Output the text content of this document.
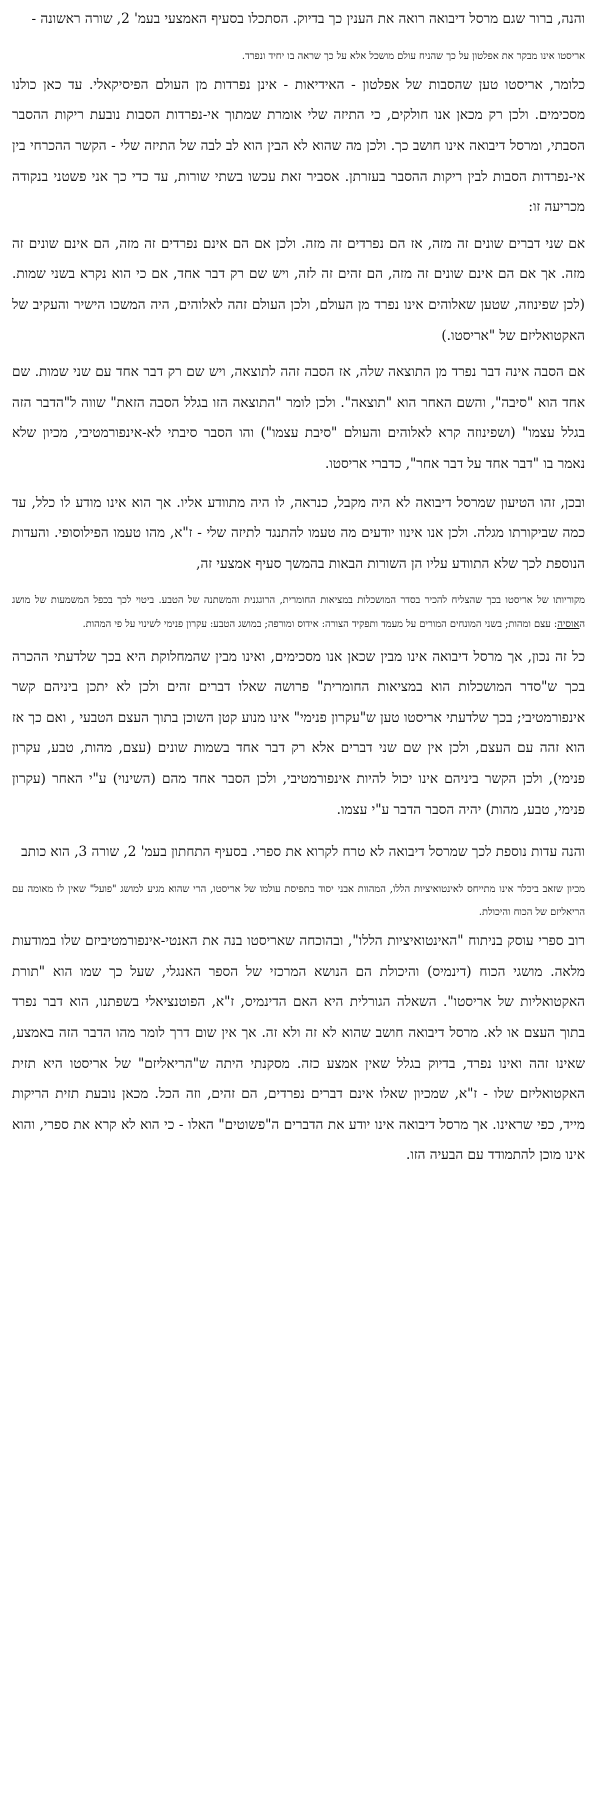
והנה, ברור שגם מרסל דיבואה רואה את הענין כך בדיוק. הסתכלו בסעיף האמצעי בעמ' 2, שורה ראשונה -

אריסטו אינו מבקר את אפלטון על כך שהניח עולם מושכל אלא על כך שראה בו יחיד ונפרד.

כלומר, אריסטו טען שהסבות של אפלטון - האידיאות - אינן נפרדות מן העולם הפיסיקאלי. עד כאן כולנו מסכימים. ולכן רק מכאן אנו חולקים, כי התיזה שלי אומרת שמתוך אי-נפרדות הסבות נובעת ריקות ההסבר הסבתי, ומרסל דיבואה אינו חושב כך. ולכן מה שהוא לא הבין הוא לב לבה של התיזה שלי - הקשר ההכרחי בין אי-נפרדות הסבות לבין ריקות ההסבר בעזרתן. אסביר זאת עכשו בשתי שורות, עד כדי כך אני פשטני בנקודה מכריעה זו:

אם שני דברים שונים זה מזה, אז הם נפרדים זה מזה. ולכן אם הם אינם נפרדים זה מזה, הם אינם שונים זה מזה. אך אם הם אינם שונים זה מזה, הם זהים זה לזה, ויש שם רק דבר אחד, אם כי הוא נקרא בשני שמות. (לכן שפינוזה, שטען שאלוהים אינו נפרד מן העולם, ולכן העולם זהה לאלוהים, היה המשכו הישיר והעקיב של האקטואליזם של "אריסטו.)

אם הסבה אינה דבר נפרד מן התוצאה שלה, אז הסבה זהה לתוצאה, ויש שם רק דבר אחד עם שני שמות. שם אחד הוא "סיבה", והשם האחר הוא "תוצאה". ולכן לומר "התוצאה הזו בגלל הסבה הזאת" שווה ל"הדבר הזה בגלל עצמו" (ושפינוזה קרא לאלוהים והעולם "סיבת עצמו") והו הסבר סיבתי לא-אינפורמטיבי, מכיון שלא נאמר בו "דבר אחד על דבר אחר", כדברי אריסטו.

ובכן, זהו הטיעון שמרסל דיבואה לא היה מקבל, כנראה, לו היה מתוודע אליו. אך הוא אינו מודע לו כלל, עד כמה שביקורתו מגלה. ולכן אנו אינוו יודעים מה טעמו להתנגד לתיזה שלי - ז"א, מהו טעמו הפילוסופי. והעדות הנוספת לכך שלא התוודע עליו הן השורות הבאות בהמשך סעיף אמצעי זה,

מקוריותו של אריסטו בכך שהצליח להכיר בסדר המושכלות במציאות החומרית, הרוגגנית והמשתנה של הטבע. ביטוי לכך בכפל המשמעות של מושג האוסיה: עצם ומהות; בשני המונחים המורים על מעמד ותפקיד הצורה: אידוס ומורפה; במושג הטבע: עקרון פנימי לשינוי על פי המהות.

כל זה נכון, אך מרסל דיבואה אינו מבין שכאן אנו מסכימים, ואינו מבין שהמחלוקת היא בכך שלדעתי ההכרה בכך ש"סדר המושכלות הוא במציאות החומרית" פרושה שאלו דברים זהים ולכן לא יתכן ביניהם קשר אינפורמטיבי; בכך שלדעתי אריסטו טען ש"עקרון פנימי" אינו מנוע קטן השוכן בתוך העצם הטבעי , ואם כך אז הוא זהה עם העצם, ולכן אין שם שני דברים אלא רק דבר אחד בשמות שונים (עצם, מהות, טבע, עקרון פנימי), ולכן הקשר ביניהם אינו יכול להיות אינפורמטיבי, ולכן הסבר אחד מהם (השינוי) ע"י האחר (עקרון פנימי, טבע, מהות) יהיה הסבר הדבר ע"י עצמו.

והנה עדות נוספת לכך שמרסל דיבואה לא טרח לקרוא את ספרי. בסעיף התחתון בעמ' 2, שורה 3, הוא כותב

מכיון שזאב ביכלר אינו מתייחס לאינטואיציות הללו, המהוות אבני יסוד בתפיסת עולמו של אריסטו, הרי שהוא מגיע למושג "פועל" שאין לו מאומה עם הריאליזם של הכוח והיכולת.

רוב ספרי עוסק בניתוח "האינטואיציות הללו", ובהוכחה שאריסטו בנה את האנטי-אינפורמטיביזם שלו במודעות מלאה. מושגי הכוח (דינמיס) והיכולת הם הנושא המרכזי של הספר האנגלי, שעל כך שמו הוא "תורת האקטואליות של אריסטו". השאלה הגורלית היא האם הדינמיס, ז"א, הפוטנציאלי בשפתנו, הוא דבר נפרד בתוך העצם או לא. מרסל דיבואה חושב שהוא לא זה ולא זה. אך אין שום דרך לומר מהו הדבר הזה באמצע, שאינו זהה ואינו נפרד, בדיוק בגלל שאין אמצע כזה. מסקנתי היתה ש"הריאליזם" של אריסטו היא תזית האקטואליזם שלו - ז"א, שמכיון שאלו אינם דברים נפרדים, הם זהים, וזה הכל. מכאן נובעת תזית הריקות מייד, כפי שראינו. אך מרסל דיבואה אינו יודע את הדברים ה"פשוטים" האלו - כי הוא לא קרא את ספרי, והוא אינו מוכן להתמודד עם הבעיה הזו.
